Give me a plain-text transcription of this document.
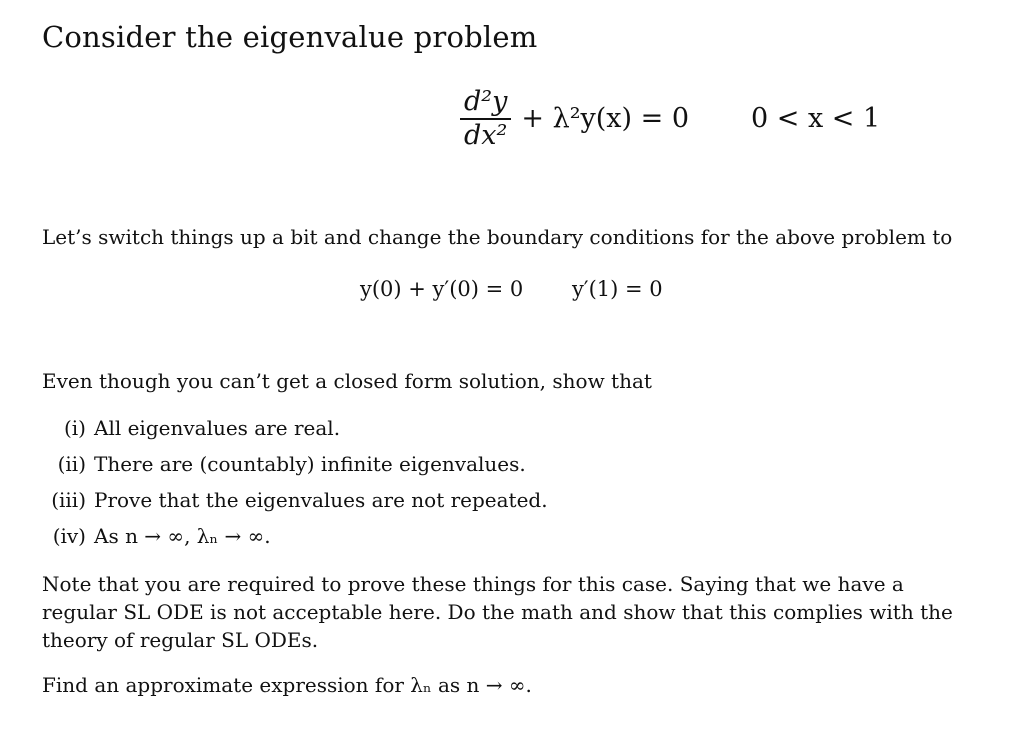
Consider the eigenvalue problem
$\frac{\text{d²y}}{\text{dx²}} + \lambda^2y(x) = 0$ 0 < x < 1
Let’s switch things up a bit and change the boundary conditions for the above problem to
y(0) + y′(0) = 0 y′(1) = 0
Even though you can’t get a closed form solution, show that
(i) All eigenvalues are real.
(ii) There are (countably) infinite eigenvalues.
(iii) Prove that the eigenvalues are not repeated.
(iv) As n → ∞, λₙ → ∞.
Note that you are required to prove these things for this case. Saying that we have a regular SL ODE is not acceptable here. Do the math and show that this complies with the theory of regular SL ODEs.
Find an approximate expression for λₙ as n → ∞.
